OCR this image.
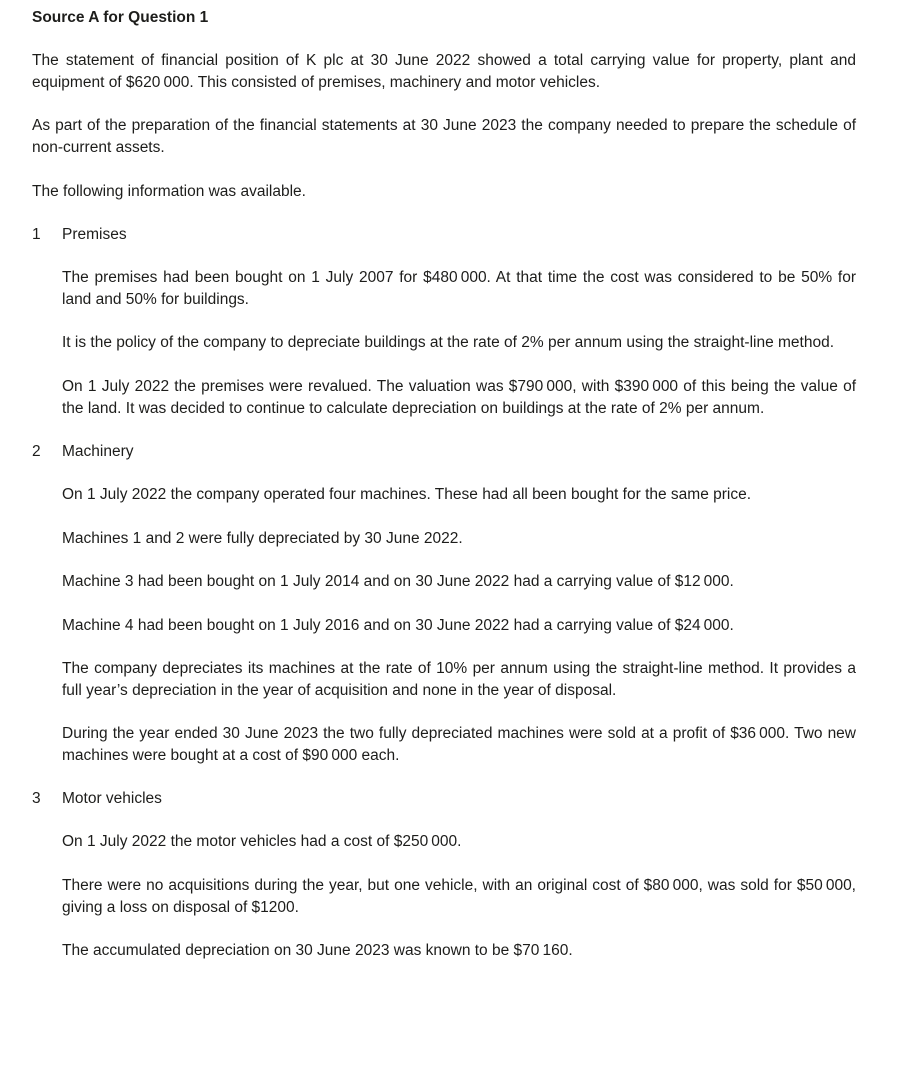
Source A for Question 1

The statement of financial position of K plc at 30 June 2022 showed a total carrying value for property, plant and equipment of $620 000. This consisted of premises, machinery and motor vehicles.

As part of the preparation of the financial statements at 30 June 2023 the company needed to prepare the schedule of non-current assets.

The following information was available.

1	Premises

The premises had been bought on 1 July 2007 for $480 000. At that time the cost was considered to be 50% for land and 50% for buildings.

It is the policy of the company to depreciate buildings at the rate of 2% per annum using the straight-line method.

On 1 July 2022 the premises were revalued. The valuation was $790 000, with $390 000 of this being the value of the land. It was decided to continue to calculate depreciation on buildings at the rate of 2% per annum.

2	Machinery

On 1 July 2022 the company operated four machines. These had all been bought for the same price.

Machines 1 and 2 were fully depreciated by 30 June 2022.

Machine 3 had been bought on 1 July 2014 and on 30 June 2022 had a carrying value of $12 000.

Machine 4 had been bought on 1 July 2016 and on 30 June 2022 had a carrying value of $24 000.

The company depreciates its machines at the rate of 10% per annum using the straight-line method. It provides a full year’s depreciation in the year of acquisition and none in the year of disposal.

During the year ended 30 June 2023 the two fully depreciated machines were sold at a profit of $36 000. Two new machines were bought at a cost of $90 000 each.

3	Motor vehicles

On 1 July 2022 the motor vehicles had a cost of $250 000.

There were no acquisitions during the year, but one vehicle, with an original cost of $80 000, was sold for $50 000, giving a loss on disposal of $1200.

The accumulated depreciation on 30 June 2023 was known to be $70 160.
